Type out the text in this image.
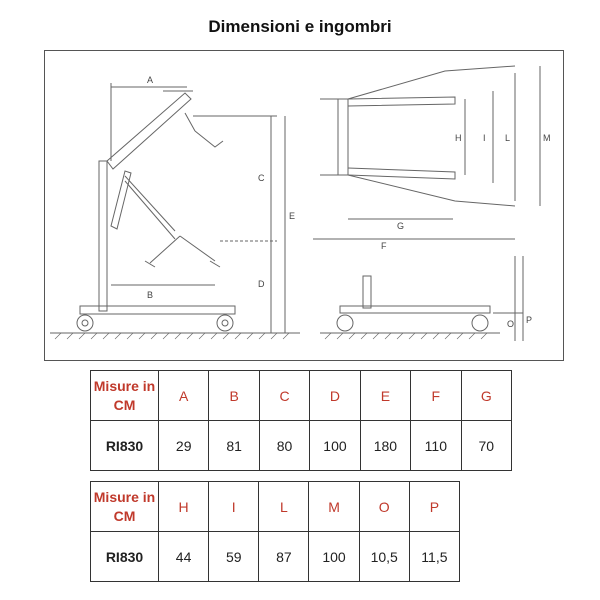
Dimensioni e ingombri
A
B
C
D
E
F
G
H I L	M
O P
Misure in CM	A	B	C	D	E	F	G
RI830	29	81	80	100	180	110	70
Misure in CM	H	I	L	M	O	P
RI830	44	59	87	100	10,5	11,5
